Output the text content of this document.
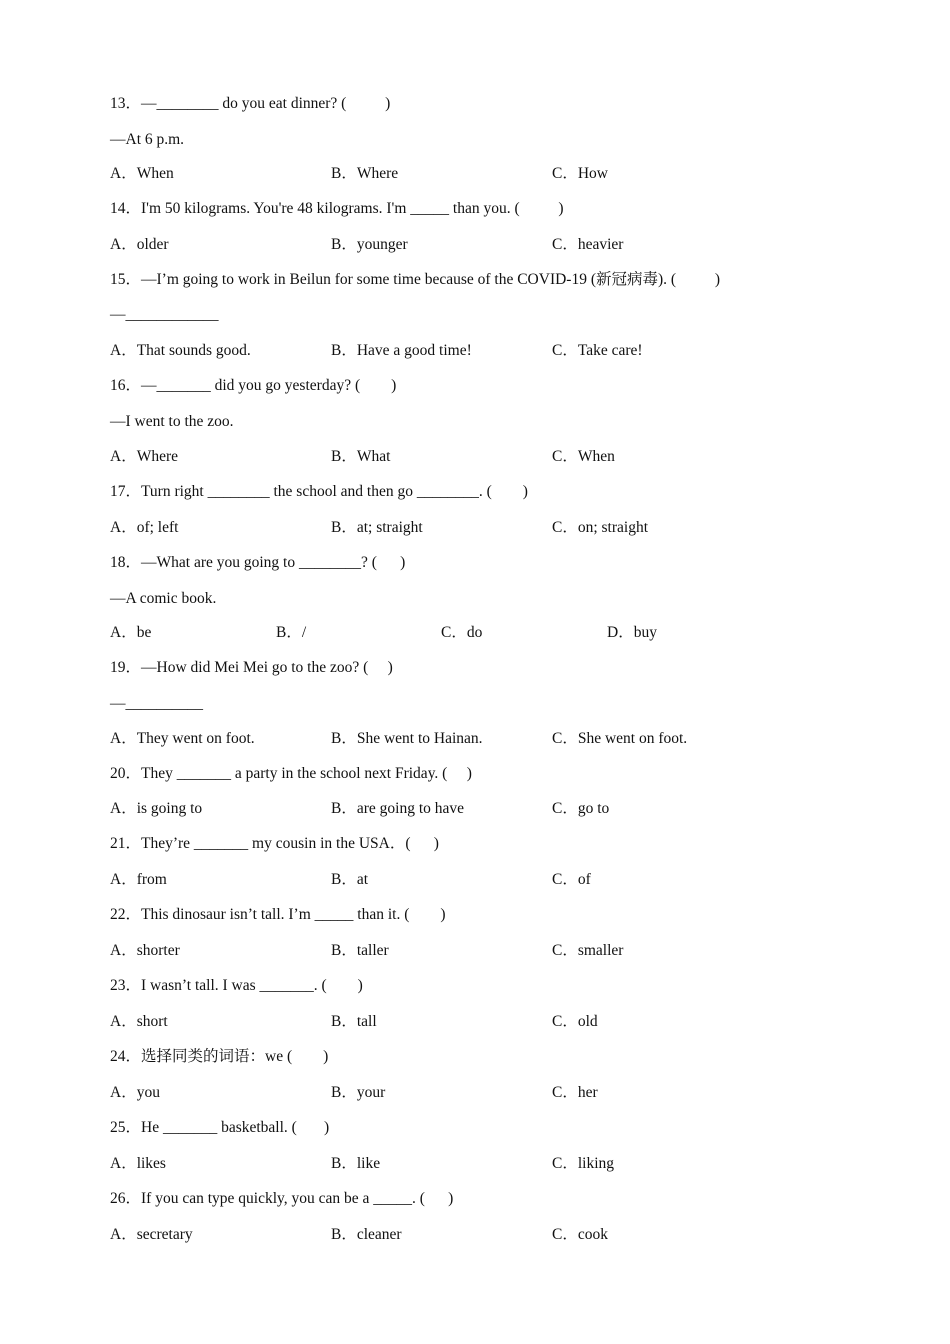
13．—________ do you eat dinner? (          )
—At 6 p.m.
A．When	B．Where	C．How
14．I'm 50 kilograms. You're 48 kilograms. I'm _____ than you. (          )
A．older	B．younger	C．heavier
15．—I’m going to work in Beilun for some time because of the COVID-19 (新冠病毒). (          )
—____________
A．That sounds good.	B．Have a good time!	C．Take care!
16．—_______ did you go yesterday? (        )
—I went to the zoo.
A．Where	B．What	C．When
17．Turn right ________ the school and then go ________. (        )
A．of; left	B．at; straight	C．on; straight
18．—What are you going to ________? (      )
—A comic book.
A．be	B．/	C．do	D．buy
19．—How did Mei Mei go to the zoo? (     )
—__________
A．They went on foot.	B．She went to Hainan.	C．She went on foot.
20．They _______ a party in the school next Friday. (     )
A．is going to	B．are going to have	C．go to
21．They’re _______ my cousin in the USA．(      )
A．from	B．at	C．of
22．This dinosaur isn’t tall. I’m _____ than it. (        )
A．shorter	B．taller	C．smaller
23．I wasn’t tall. I was _______. (        )
A．short	B．tall	C．old
24．选择同类的词语：we (        )
A．you	B．your	C．her
25．He _______ basketball. (       )
A．likes	B．like	C．liking
26．If you can type quickly, you can be a _____. (      )
A．secretary	B．cleaner	C．cook
